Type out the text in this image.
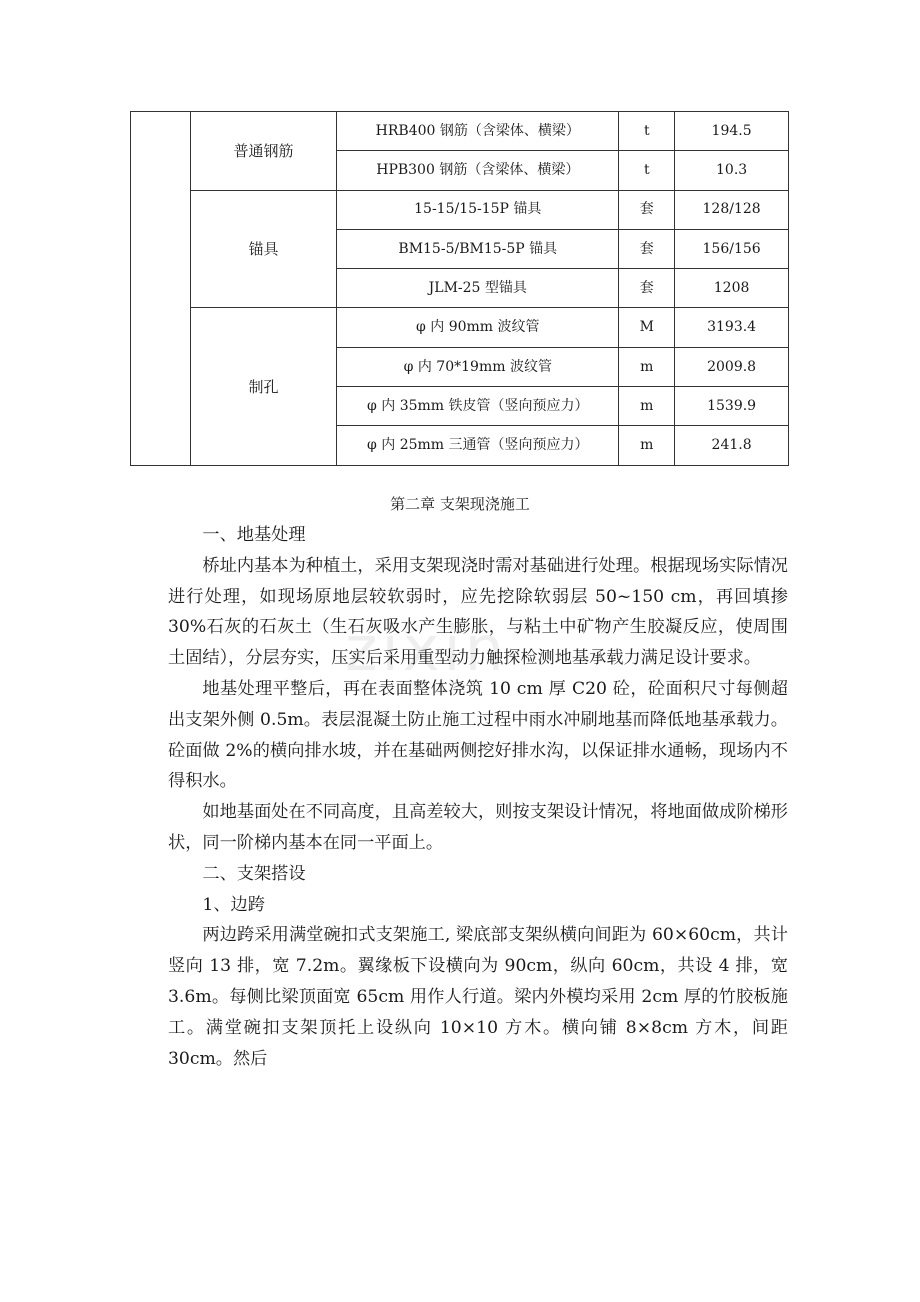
	普通钢筋	HRB400 钢筋（含梁体、横梁）	t	194.5
		HPB300 钢筋（含梁体、横梁）	t	10.3
	锚具	15-15/15-15P 锚具	套	128/128
		BM15-5/BM15-5P 锚具	套	156/156
		JLM-25 型锚具	套	1208
	制孔	φ 内 90mm 波纹管	M	3193.4
		φ 内 70*19mm 波纹管	m	2009.8
		φ 内 35mm 铁皮管（竖向预应力）	m	1539.9
		φ 内 25mm 三通管（竖向预应力）	m	241.8
第二章 支架现浇施工
zixin

一、地基处理

桥址内基本为种植土，采用支架现浇时需对基础进行处理。根据现场实际情况进行处理，如现场原地层较软弱时，应先挖除软弱层 50~150 cm，再回填掺 30%石灰的石灰土（生石灰吸水产生膨胀，与粘土中矿物产生胶凝反应，使周围土固结），分层夯实，压实后采用重型动力触探检测地基承载力满足设计要求。

地基处理平整后，再在表面整体浇筑 10 cm 厚 C20 砼，砼面积尺寸每侧超出支架外侧 0.5m。表层混凝土防止施工过程中雨水冲刷地基而降低地基承载力。砼面做 2%的横向排水坡，并在基础两侧挖好排水沟，以保证排水通畅，现场内不得积水。

如地基面处在不同高度，且高差较大，则按支架设计情况，将地面做成阶梯形状，同一阶梯内基本在同一平面上。

二、支架搭设

1、边跨

两边跨采用满堂碗扣式支架施工, 梁底部支架纵横向间距为 60×60cm，共计竖向 13 排，宽 7.2m。翼缘板下设横向为 90cm，纵向 60cm，共设 4 排，宽 3.6m。每侧比梁顶面宽 65cm 用作人行道。梁内外模均采用 2cm 厚的竹胶板施工。满堂碗扣支架顶托上设纵向 10×10 方木。横向铺 8×8cm 方木，间距 30cm。然后
